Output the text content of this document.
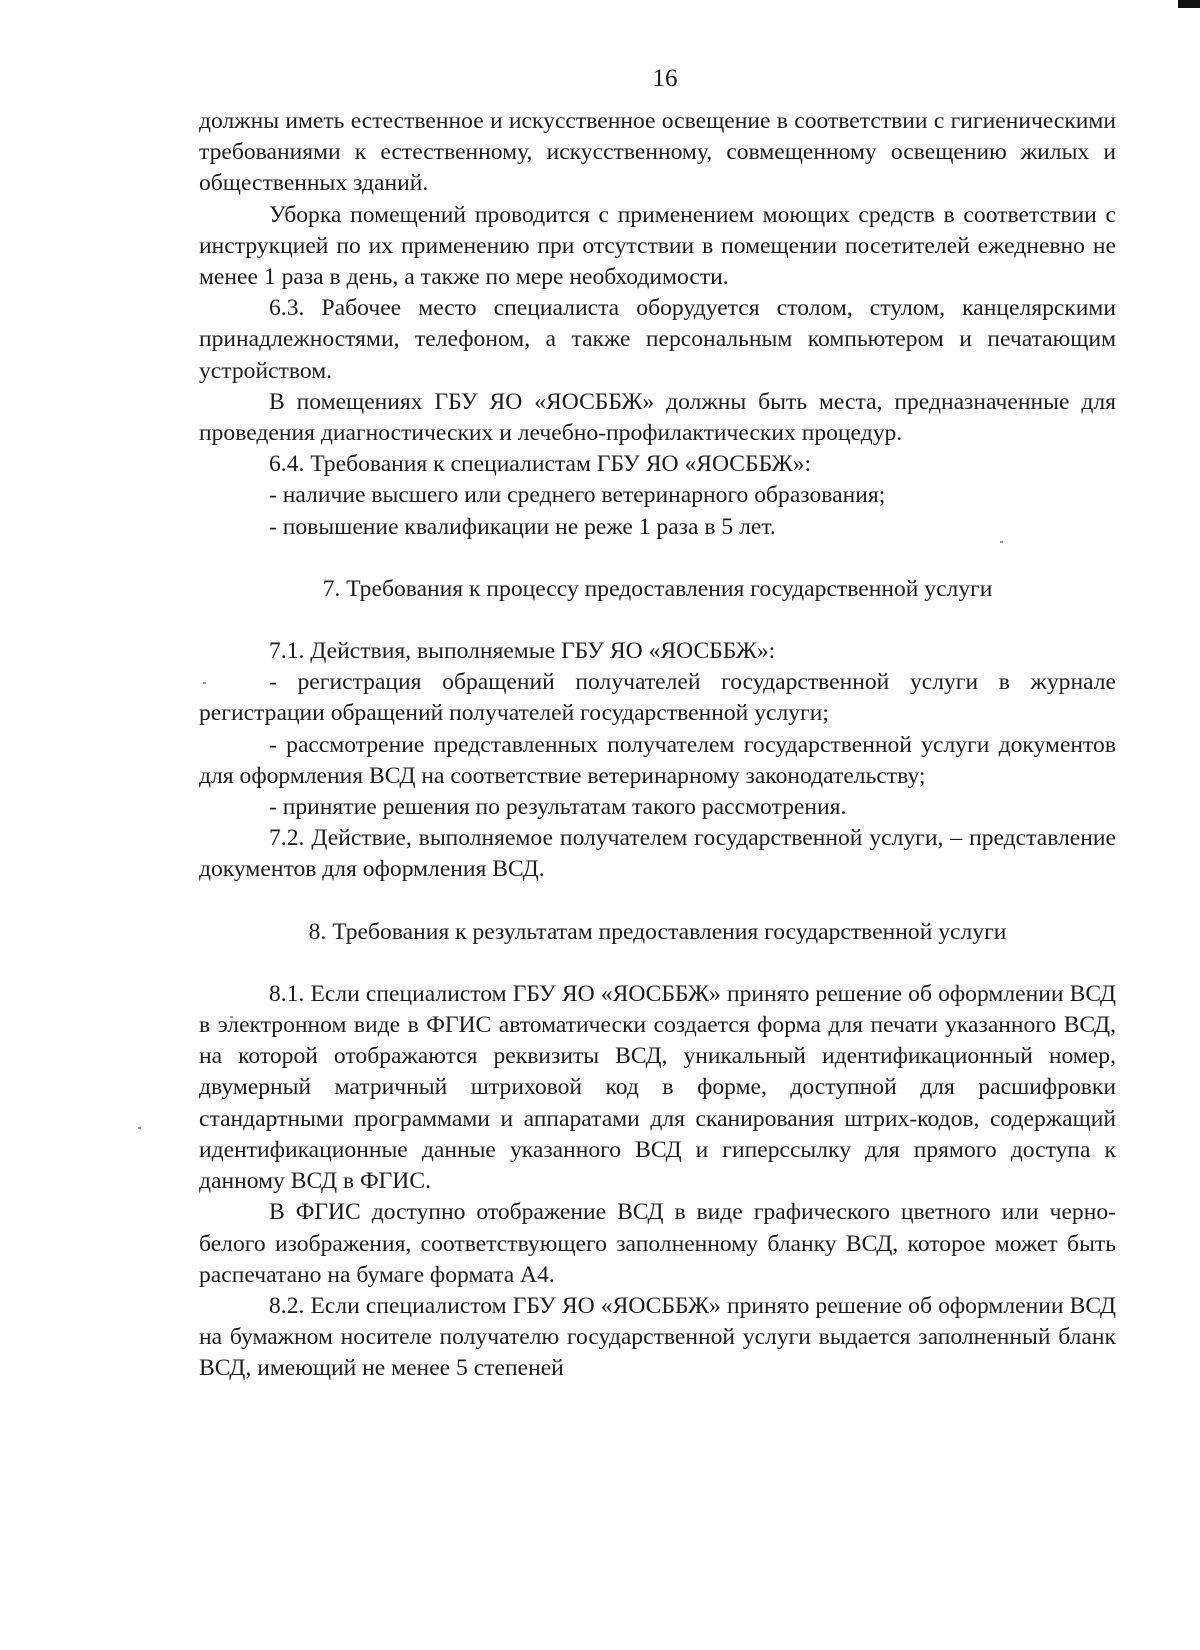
16

должны иметь естественное и искусственное освещение в соответствии с гигиеническими требованиями к естественному, искусственному, совмещенному освещению жилых и общественных зданий.

Уборка помещений проводится с применением моющих средств в соответствии с инструкцией по их применению при отсутствии в помещении посетителей ежедневно не менее 1 раза в день, а также по мере необходимости.

6.3. Рабочее место специалиста оборудуется столом, стулом, канцелярскими принадлежностями, телефоном, а также персональным компьютером и печатающим устройством.

В помещениях ГБУ ЯО «ЯОСББЖ» должны быть места, предназначенные для проведения диагностических и лечебно-профилактических процедур.

6.4. Требования к специалистам ГБУ ЯО «ЯОСББЖ»:

- наличие высшего или среднего ветеринарного образования;

- повышение квалификации не реже 1 раза в 5 лет.

7. Требования к процессу предоставления государственной услуги

7.1. Действия, выполняемые ГБУ ЯО «ЯОСББЖ»:

- регистрация обращений получателей государственной услуги в журнале регистрации обращений получателей государственной услуги;

- рассмотрение представленных получателем государственной услуги документов для оформления ВСД на соответствие ветеринарному законодательству;

- принятие решения по результатам такого рассмотрения.

7.2. Действие, выполняемое получателем государственной услуги, – представление документов для оформления ВСД.

8. Требования к результатам предоставления государственной услуги

8.1. Если специалистом ГБУ ЯО «ЯОСББЖ» принято решение об оформлении ВСД в электронном виде в ФГИС автоматически создается форма для печати указанного ВСД, на которой отображаются реквизиты ВСД, уникальный идентификационный номер, двумерный матричный штриховой код в форме, доступной для расшифровки стандартными программами и аппаратами для сканирования штрих-кодов, содержащий идентификационные данные указанного ВСД и гиперссылку для прямого доступа к данному ВСД в ФГИС.

В ФГИС доступно отображение ВСД в виде графического цветного или черно-белого изображения, соответствующего заполненному бланку ВСД, которое может быть распечатано на бумаге формата А4.

8.2. Если специалистом ГБУ ЯО «ЯОСББЖ» принято решение об оформлении ВСД на бумажном носителе получателю государственной услуги выдается заполненный бланк ВСД, имеющий не менее 5 степеней
